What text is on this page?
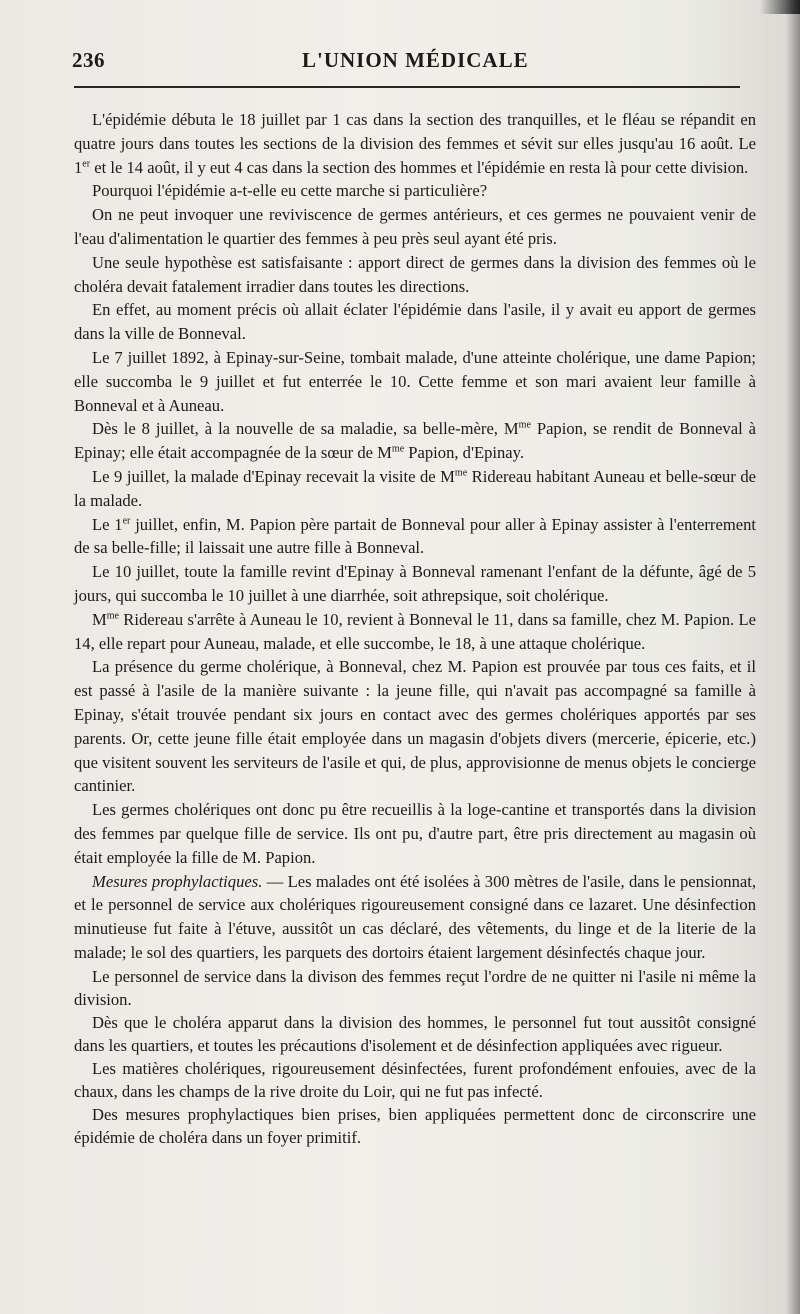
236	L'UNION MÉDICALE

L'épidémie débuta le 18 juillet par 1 cas dans la section des tranquilles, et le fléau se répandit en quatre jours dans toutes les sections de la division des femmes et sévit sur elles jusqu'au 16 août. Le 1er et le 14 août, il y eut 4 cas dans la section des hommes et l'épidémie en resta là pour cette division.

Pourquoi l'épidémie a-t-elle eu cette marche si particulière?

On ne peut invoquer une reviviscence de germes antérieurs, et ces germes ne pouvaient venir de l'eau d'alimentation le quartier des femmes à peu près seul ayant été pris.

Une seule hypothèse est satisfaisante : apport direct de germes dans la division des femmes où le choléra devait fatalement irradier dans toutes les directions.

En effet, au moment précis où allait éclater l'épidémie dans l'asile, il y avait eu apport de germes dans la ville de Bonneval.

Le 7 juillet 1892, à Epinay-sur-Seine, tombait malade, d'une atteinte cholérique, une dame Papion; elle succomba le 9 juillet et fut enterrée le 10. Cette femme et son mari avaient leur famille à Bonneval et à Auneau.

Dès le 8 juillet, à la nouvelle de sa maladie, sa belle-mère, $M^{me}$ Papion, se rendit de Bonneval à Epinay; elle était accompagnée de la sœur de $M^{me}$ Papion, d'Epinay.

Le 9 juillet, la malade d'Epinay recevait la visite de $M^{me}$ Ridereau habitant Auneau et belle-sœur de la malade.

Le 1er juillet, enfin, M. Papion père partait de Bonneval pour aller à Epinay assister à l'enterrement de sa belle-fille; il laissait une autre fille à Bonneval.

Le 10 juillet, toute la famille revint d'Epinay à Bonneval ramenant l'enfant de la défunte, âgé de 5 jours, qui succomba le 10 juillet à une diarrhée, soit athrepsique, soit cholérique.

$M^{me}$ Ridereau s'arrête à Auneau le 10, revient à Bonneval le 11, dans sa famille, chez M. Papion. Le 14, elle repart pour Auneau, malade, et elle succombe, le 18, à une attaque cholérique.

La présence du germe cholérique, à Bonneval, chez M. Papion est prouvée par tous ces faits, et il est passé à l'asile de la manière suivante : la jeune fille, qui n'avait pas accompagné sa famille à Epinay, s'était trouvée pendant six jours en contact avec des germes cholériques apportés par ses parents. Or, cette jeune fille était employée dans un magasin d'objets divers (mercerie, épicerie, etc.) que visitent souvent les serviteurs de l'asile et qui, de plus, approvisionne de menus objets le concierge cantinier.

Les germes cholériques ont donc pu être recueillis à la loge-cantine et transportés dans la division des femmes par quelque fille de service. Ils ont pu, d'autre part, être pris directement au magasin où était employée la fille de M. Papion.

Mesures prophylactiques. — Les malades ont été isolées à 300 mètres de l'asile, dans le pensionnat, et le personnel de service aux cholériques rigoureusement consigné dans ce lazaret. Une désinfection minutieuse fut faite à l'étuve, aussitôt un cas déclaré, des vêtements, du linge et de la literie de la malade; le sol des quartiers, les parquets des dortoirs étaient largement désinfectés chaque jour.

Le personnel de service dans la divison des femmes reçut l'ordre de ne quitter ni l'asile ni même la division.

Dès que le choléra apparut dans la division des hommes, le personnel fut tout aussitôt consigné dans les quartiers, et toutes les précautions d'isolement et de désinfection appliquées avec rigueur.

Les matières cholériques, rigoureusement désinfectées, furent profondément enfouies, avec de la chaux, dans les champs de la rive droite du Loir, qui ne fut pas infecté.

Des mesures prophylactiques bien prises, bien appliquées permettent donc de circonscrire une épidémie de choléra dans un foyer primitif.
